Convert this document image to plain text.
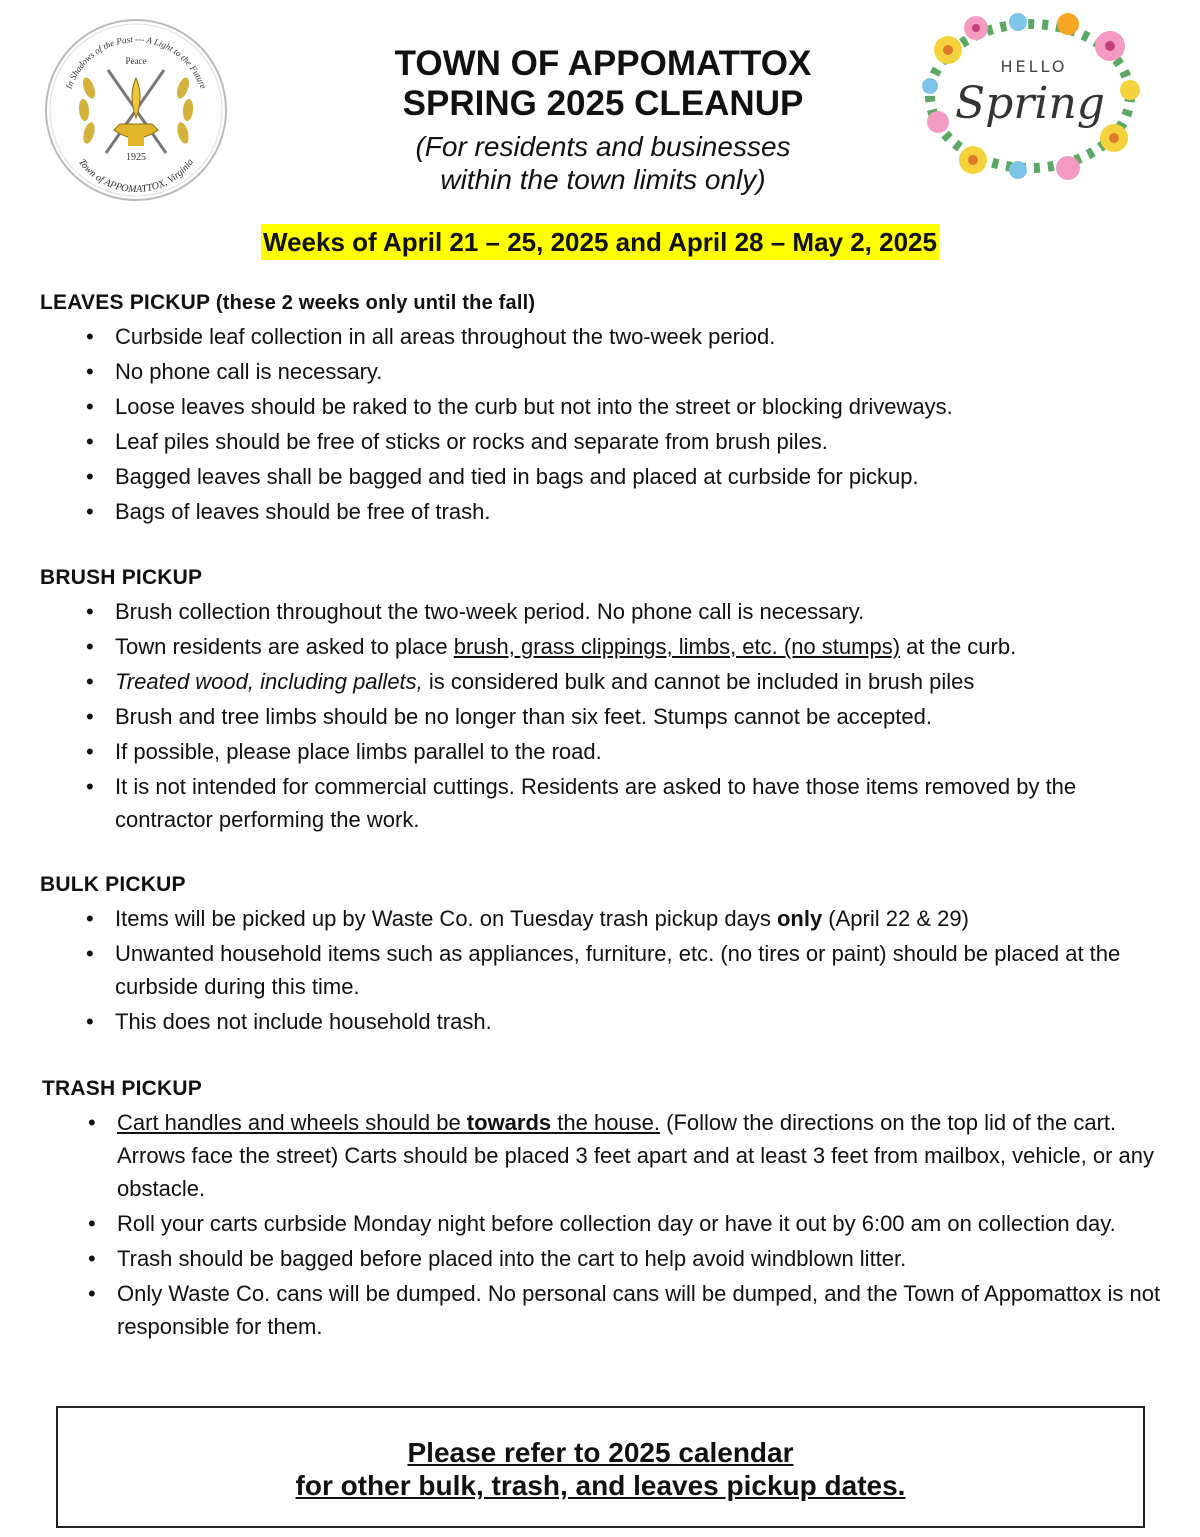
In Shadows of the Past --- A Light to the Future
Town of APPOMATTOX, Virginia
Peace
1925
HELLO
Spring
TOWN OF APPOMATTOX
SPRING 2025 CLEANUP
(For residents and businesses
within the town limits only)
Weeks of April 21 – 25, 2025 and April 28 – May 2, 2025
LEAVES PICKUP (these 2 weeks only until the fall)
• Curbside leaf collection in all areas throughout the two-week period.
• No phone call is necessary.
• Loose leaves should be raked to the curb but not into the street or blocking driveways.
• Leaf piles should be free of sticks or rocks and separate from brush piles.
• Bagged leaves shall be bagged and tied in bags and placed at curbside for pickup.
• Bags of leaves should be free of trash.
BRUSH PICKUP
• Brush collection throughout the two-week period. No phone call is necessary.
• Town residents are asked to place brush, grass clippings, limbs, etc. (no stumps) at the curb.
• Treated wood, including pallets, is considered bulk and cannot be included in brush piles
• Brush and tree limbs should be no longer than six feet. Stumps cannot be accepted.
• If possible, please place limbs parallel to the road.
• It is not intended for commercial cuttings. Residents are asked to have those items removed by the contractor performing the work.
BULK PICKUP
• Items will be picked up by Waste Co. on Tuesday trash pickup days only (April 22 & 29)
• Unwanted household items such as appliances, furniture, etc. (no tires or paint) should be placed at the curbside during this time.
• This does not include household trash.
TRASH PICKUP
• Cart handles and wheels should be towards the house. (Follow the directions on the top lid of the cart. Arrows face the street) Carts should be placed 3 feet apart and at least 3 feet from mailbox, vehicle, or any obstacle.
• Roll your carts curbside Monday night before collection day or have it out by 6:00 am on collection day.
• Trash should be bagged before placed into the cart to help avoid windblown litter.
• Only Waste Co. cans will be dumped. No personal cans will be dumped, and the Town of Appomattox is not responsible for them.
Please refer to 2025 calendar
for other bulk, trash, and leaves pickup dates.
